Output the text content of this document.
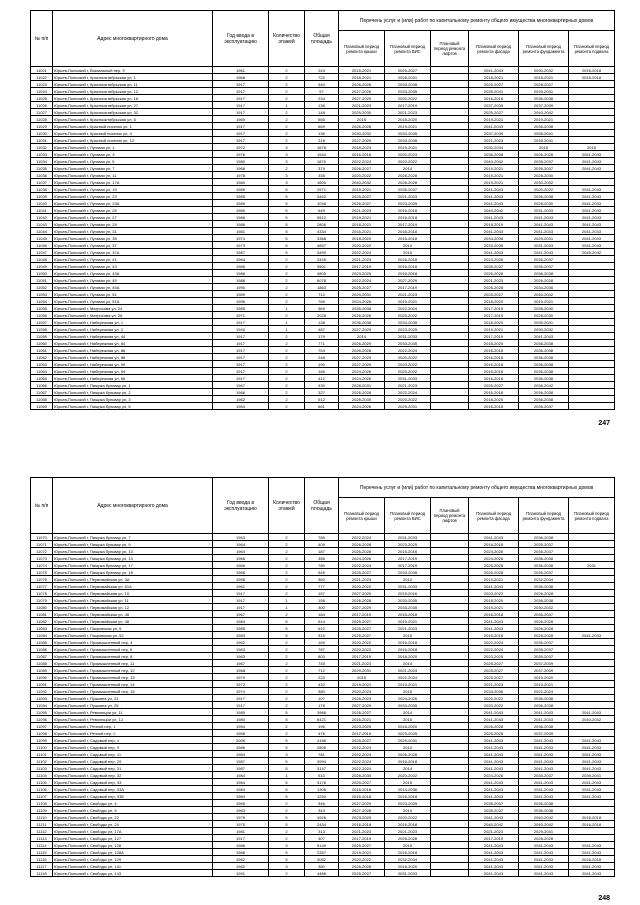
№ п/п	Адрес многоквартирного дома	Год ввода в эксплуатацию	Количество этажей	Общая площадь	Перечень услуг и (или) работ по капитальному ремонту общего имущества многоквартирных домов					
					Плановый период ремонта крыши	Плановый период ремонта ВИС	Плановый период ремонта лифтов	Плановый период ремонта фасада	Плановый период ремонта фундамента	Плановый период ремонта подвала
11021	Юрьев-Польский г, Вокзальный пер, 9	1961	2	243	2015-2021	2025-2027		2041-2043	2030-2032	2016-2018
11022	Юрьев-Польский г, Краснооктябрьская ул, 1	1968	2	723	2018-2021	2028-2031		2018-2021	2018-2021	2018-2018
11023	Юрьев-Польский г, Краснооктябрьская ул, 11	1917	2	340	2026-2028	2033-2035		2025-2027	2028-2027	
11024	Юрьев-Польский г, Краснооктябрьская ул, 12	1917	2	97	2027-2028	2033-2035		2039-2041	2039-2041	
11025	Юрьев-Польский г, Краснооктябрьская ул, 16	1917	2	234	2027-2029	2020-2022		2016-2018	2036-2038	
11026	Юрьев-Польский г, Краснооктябрьская ул, 27	1917	1	136	2021-2023	2017-2019		2037-2039	2037-2039	
11027	Юрьев-Польский г, Краснооктябрьская ул, 32	1917	2	148	2029-2030	2021-2023		2025-2027	2040-2042	
11028	Юрьев-Польский г, Краснооктябрьская ул, 6	1969	2	666	2015	2018-2020		2019-2021	2019-2021	
11029	Юрьев-Польский г, Красный поселок ул, 1	1917	2	669	2026-2028	2019-2021		2041-2043	2036-2038	
11030	Юрьев-Польский г, Красный поселок ул, 4	1917	2	136	2030-2032	2033-2035		2037-2039	2039-2041	
11031	Юрьев-Польский г, Красный поселок ул, 12	1917	2	218	2027-2029	2033-2035		2021-2023	2039-2041	
11032	Юрьев-Польский г, Луговая ул, 1	1972	3	1676	2018-2023	2019-2021		2030-2034	2015	2015
11033	Юрьев-Польский г, Луговая ул, 3	1976	3	1534	2016-2018	2020-2023		2036-2038	2026-2028	2041-2043
11034	Юрьев-Польский г, Луговая ул, 5	1980	3	1870	2022-2024	2020-2022		2040-2042	2035-2037	2041-2043
11035	Юрьев-Польский г, Луговая ул, 7	1968	2	379	2026-2027	2014		2019-2021	2035-2037	2041-2043
11036	Юрьев-Польский г, Луговая ул, 11	1978	3	335	2020-2022	2026-2028		2019-2021	2028-2030	
11037	Юрьев-Польский г, Луговая ул, 17А	1980	3	1600	2040-2042	2026-2028		2019-2021	2030-2032	
11038	Юрьев-Польский г, Луговая ул, 19	1985	5	2971	2019-2021	2035-2037		2041-2043	2020-2022	2041-2043
11039	Юрьев-Польский г, Луговая ул, 23	1985	5	3452	2025-2027	2021-2023		2041-2043	2036-2038	2041-2043
11040	Юрьев-Польский г, Луговая ул, 23А	1989	5	1046	2026-2027	2023-2025		2041-2043	2028-2030	2041-2043
11041	Юрьев-Польский г, Луговая ул, 25	1980	5	649	2021-2023	2016-2018		2040-2042	2031-2033	2041-2043
11042	Юрьев-Польский г, Луговая ул, 27	1986	5	5512	2019-2021	2016-2018		2041-2043	2041-2043	2041-2043
11043	Юрьев-Польский г, Луговая ул, 29	1986	5	2806	2018-2021	2017-2019		2018-2019	2041-2043	2041-2043
11044	Юрьев-Польский г, Луговая ул, 31	1981	5	4334	2016-2021	2018-2018		2041-2043	2041-2043	2041-2043
11045	Юрьев-Польский г, Луговая ул, 35	1974	5	3388	2018-2020	2016-2018		2034-2036	2029-2031	2041-2043
11046	Юрьев-Польский г, Луговая ул, 37	1973	5	4857	2020-2022	2014		2033-2035	2031-2033	2041-2043
11047	Юрьев-Польский г, Луговая ул, 37А	1987	5	3490	2022-2024	2015		2041-2043	2041-2043	2045-2042
11048	Юрьев-Польский г, Луговая ул, 41	1964	2	2445	2021-2023	2016-2018		2024-2026	2035-2037	
11049	Юрьев-Польский г, Луговая ул, 43	1985	2	3501	2017-2019	2016-2018		2035-2037	2035-2037	
11050	Юрьев-Польский г, Луговая ул, 43А	1986	2	4805	2023-2025	2016-2018		2026-2028	2036-2038	
11051	Юрьев-Польский г, Луговая ул, 45	1988	2	6078	2022-2024	2027-2029		2021-2023	2026-2028	
11052	Юрьев-Польский г, Луговая ул, 45А	1990	2	1863	2025-2027	2017-2019		2026-2028	2034-2036	
11053	Юрьев-Польский г, Луговая ул, 51	1989	2	712	2029-2031	2021-2023		2025-2027	2040-2042	
11054	Юрьев-Польский г, Луговая ул, 51А	1996	2	765	2024-2026	2019-2021		2018-2020	2019-2021	
11055	Юрьев-Польский г, Матросова ул, 24	1985	1	369	2035-2038	2022-2024		2017-2019	2038-2040	
11056	Юрьев-Польский г, Матросова ул, 26	1971	2	2028	2026-2028	2020-2022		2017-2019	2028-2030	
11057	Юрьев-Польский г, Набережная ул, 1	1917	1	138	2036-2038	2033-2035		2018-2020	2039-2041	
11058	Юрьев-Польский г, Набережная ул, 2	1940	1	487	2027-2029	2023-2025		2019-2021	2030-2032	
11059	Юрьев-Польский г, Набережная ул, 44	1917	2	179	2014	2031-2033		2017-2019	2041-2043	
11060	Юрьев-Польский г, Набережная ул, 84	1917	2	771	2026-2029	2033-2035		2018-2020	2036-2038	
11061	Юрьев-Польский г, Набережная ул, 86	1917	2	754	2026-2028	2022-2024		2016-2018	2036-2038	
11062	Юрьев-Польский г, Набережная ул, 88	1917	2	248	2027-2029	2020-2022		2016-2018	2036-2038	
11063	Юрьев-Польский г, Набережная ул, 90	1917	2	190	2027-2029	2020-2022		2016-2018	2036-2038	
11064	Юрьев-Польский г, Набережная ул, 94	1917	2	166	2024-2026	2020-2022		2016-2018	2036-2038	
11065	Юрьев-Польский г, Набережная ул, 96	1917	2	412	2024-2026	2031-2033		2016-2018	2036-2038	
11066	Юрьев-Польский г, Пищика бульвар ул, 1	1967	2	430	2028-2031	2021-2023		2025-2027	2036-2042	
11067	Юрьев-Польский г, Пищика бульвар ул, 2	1966	2	327	2026-2028	2022-2024		2016-2018	2036-2038	
11068	Юрьев-Польский г, Пищика бульвар ул, 3	1962	2	612	2028-2030	2020-2022		2018-2020	2036-2038	
11069	Юрьев-Польский г, Пищика бульвар ул, 5	1964	2	661	2024-2026	2029-2031		2016-2018	2035-2037	
247
№ п/п	Адрес многоквартирного дома	Год ввода в эксплуатацию	Количество этажей	Общая площадь	Перечень услуг и (или) работ по капитальному ремонту общего имущества многоквартирных домов					
					Плановый период ремонта крыши	Плановый период ремонта ВИС	Плановый период ремонта лифтов	Плановый период ремонта фасада	Плановый период ремонта фундамента	Плановый период ремонта подвала
11070	Юрьев-Польский г, Пищика бульвар ул, 7	1963	2	785	2022-2024	2031-2033		2041-2043	2036-2038	
11071	Юрьев-Польский г, Пищика бульвар ул, 9	1964	2	409	2026-2028	2023-2025		2016-2018	2035-2037	
11072	Юрьев-Польский г, Пищика бульвар ул, 10	1964	2	187	2026-2028	2015-2016		2024-2026	2035-2037	
11073	Юрьев-Польский г, Пищика бульвар ул, 13	1966	2	356	2024-2026	2017-2019		2024-2026	2036-2038	
11074	Юрьев-Польский г, Пищика бульвар ул, 17	1966	2	780	2022-2024	2017-2019		2026-2028	2036-2038	2031
11075	Юрьев-Польский г, Пищика бульвар ул, 18	1966	2	545	2025-2027	2033-2035		2026-2028	2035-2037	
11076	Юрьев-Польский г, Первомайская ул, 3А	1958	2	560	2021-2023	2014		2019-2021	2032-2034	
11077	Юрьев-Польский г, Первомайская ул, 61А	1961	2	777	2020-2022	2031-2033		2041-2043	2036-2038	
11078	Юрьев-Польский г, Первомайская ул, 10	1917	2	157	2027-2029	2015-2016		2020-2022	2026-2028	
11079	Юрьев-Польский г, Первомайская ул, 11	1917	1	158	2026-2028	2033-2035		2018-2020	2036-2038	
11080	Юрьев-Польский г, Первомайская ул, 12	1917	1	300	2027-2029	2033-2035		2019-2021	2030-2032	
11081	Юрьев-Польский г, Первомайская ул, 48	1967	2	184	2017-2019	2016-2018		2016-2018	2035-2037	
11082	Юрьев-Польский г, Первомайская ул, 48	1984	5	614	2025-2027	2019-2021		2041-2043	2026-2028	
11083	Юрьев-Польский г, Покровская ул, 5	1985	5	612	2025-2027	2021-2023		2041-2043	2026-2028	
11084	Юрьев-Польский г, Покровская ул, 52	1983	5	515	2025-2027	2015		2016-2018	2026-2028	2041-2043
11085	Юрьев-Польский г, Промышленный пер, 4	1962	2	169	2020-2022	2016-2018		2022-2024	2035-2037	
11086	Юрьев-Польский г, Промышленный пер, 6	1963	2	787	2020-2022	2016-2018		2022-2024	2035-2037	
11087	Юрьев-Польский г, Промышленный пер, 8	1963	2	803	2017-2019	2018-2020		2023-2025	2035-2037	
11088	Юрьев-Польский г, Промышленный пер, 11	1967	2	745	2021-2023	2014		2025-2027	2037-2039	
11089	Юрьев-Польский г, Промышленный пер, 12	1968	2	712	2029-2031	2021-2023		2025-2027	2037-2039	
11090	Юрьев-Польский г, Промышленный пер, 13	1970	2	223	2015	2022-2024		2025-2027	2019-2020	
11091	Юрьев-Польский г, Промышленный пер, 14	1972	2	432	2019-2021	2019-2021		2021-2023	2019-2021	
11092	Юрьев-Польский г, Промышленный пер, 15	1974	2	580	2020-2023	2015		2034-2036	2022-2024	
11093	Юрьев-Польский г, Пушкина ул, 21	1917	2	107	2026-2023	2024-2026		2020-2022	2036-2038	
11094	Юрьев-Польский г, Пушкина ул, 25	1917	2	178	2027-2029	2033-2035		2020-2022	2036-2038	
11095	Юрьев-Польский г, Революции ул, 11	1980	5	3966	2026-2027	2014		2041-2043	2041-2043	2041-2043
11096	Юрьев-Польский г, Революции ул, 12	1980	5	6421	2016-2021	2015		2041-2043	2041-2043	2040-2042
11097	Юрьев-Польский г, Речной пер, 1	1954	2	196	2023-2025	2016-2020		2026-2028	2036-2038	
11098	Юрьев-Польский г, Речной пер, 2	1958	2	476	2017-2019	2023-2025		2026-2028	2037-2039	
11099	Юрьев-Польский г, Садовый пер, 1	2006	5	4166	2025-2027	2029-2031		2041-2043	2041-2043	2041-2043
11100	Юрьев-Польский г, Садовый пер, 9	1986	5	2806	2022-2024	2014		2041-2043	2041-2043	2041-2043
11101	Юрьев-Польский г, Садовый пер, 11	1984	3	781	2022-2024	2026-2028		2041-2043	2041-2043	2041-2043
11102	Юрьев-Польский г, Садовый пер, 29	1987	5	3994	2022-2024	2016-2018		2041-2043	2041-2043	2041-2043
11103	Юрьев-Польский г, Садовый пер, 31	1987	5	3147	2022-2024	2014		2041-2043	2041-2043	2041-2043
11104	Юрьев-Польский г, Садовый пер, 32	1984	1	510	2028-2030	2020-2022		2024-2026	2035-2037	2039-2041
11105	Юрьев-Польский г, Садовый пер, 33	1984	5	3176	2025-2027	2015		2041-2043	2041-2043	2041-2043
11106	Юрьев-Польский г, Садовый пер, 33А	1984	5	1306	2016-2018	2014-2036		2041-2043	2041-2043	2041-2043
11107	Юрьев-Польский г, Садовый пер, 33Б	1984	5	1250	2016-2018	2016-2018		2041-2043	2041-2043	2041-2043
11108	Юрьев-Польский г, Свободы ул, 4	1965	2	546	2027-2029	2023-2025		2035-2037	2036-2038	
11109	Юрьев-Польский г, Свободы ул, 6	1963	2	343	2027-2028	2014		2035-2037	2036-2038	
11110	Юрьев-Польский г, Свободы ул, 22	1975	5	4926	2023-2025	2020-2022		2041-2043	2040-2042	2016-2018
11111	Юрьев-Польский г, Свободы ул, 24	1975	5	2454	2016-2018	2016-2018		2040-2042	2040-2042	2016-2018
11112	Юрьев-Польский г, Свободы ул, 17А	1981	2	313	2021-2023	2021-2023		2021-2023	2029-2031	
11113	Юрьев-Польский г, Свободы ул, 127	1917	2	307	2017-2019	2026-2028		2017-2019	2026-2028	
11114	Юрьев-Польский г, Свободы ул, 128	1986	3	5149	2025-2027	2015		2041-2043	2041-2043	2041-2043
11115	Юрьев-Польский г, Свободы ул, 128А	1988	5	2357	2019-2021	2016-2018		2041-2043	2041-2043	2041-2043
11116	Юрьев-Польский г, Свободы ул, 129	1982	5	3082	2020-2022	2032-2034		2041-2043	2041-2043	2016-2018
11117	Юрьев-Польский г, Свободы ул, 141	1982	3	380	2026-2028	2018-2020		2041-2043	2041-2043	2041-2043
11118	Юрьев-Польский г, Свободы ул, 143	1991	2	4486	2025-2027	2031-2033		2041-2043	2041-2043	2041-2043
248
